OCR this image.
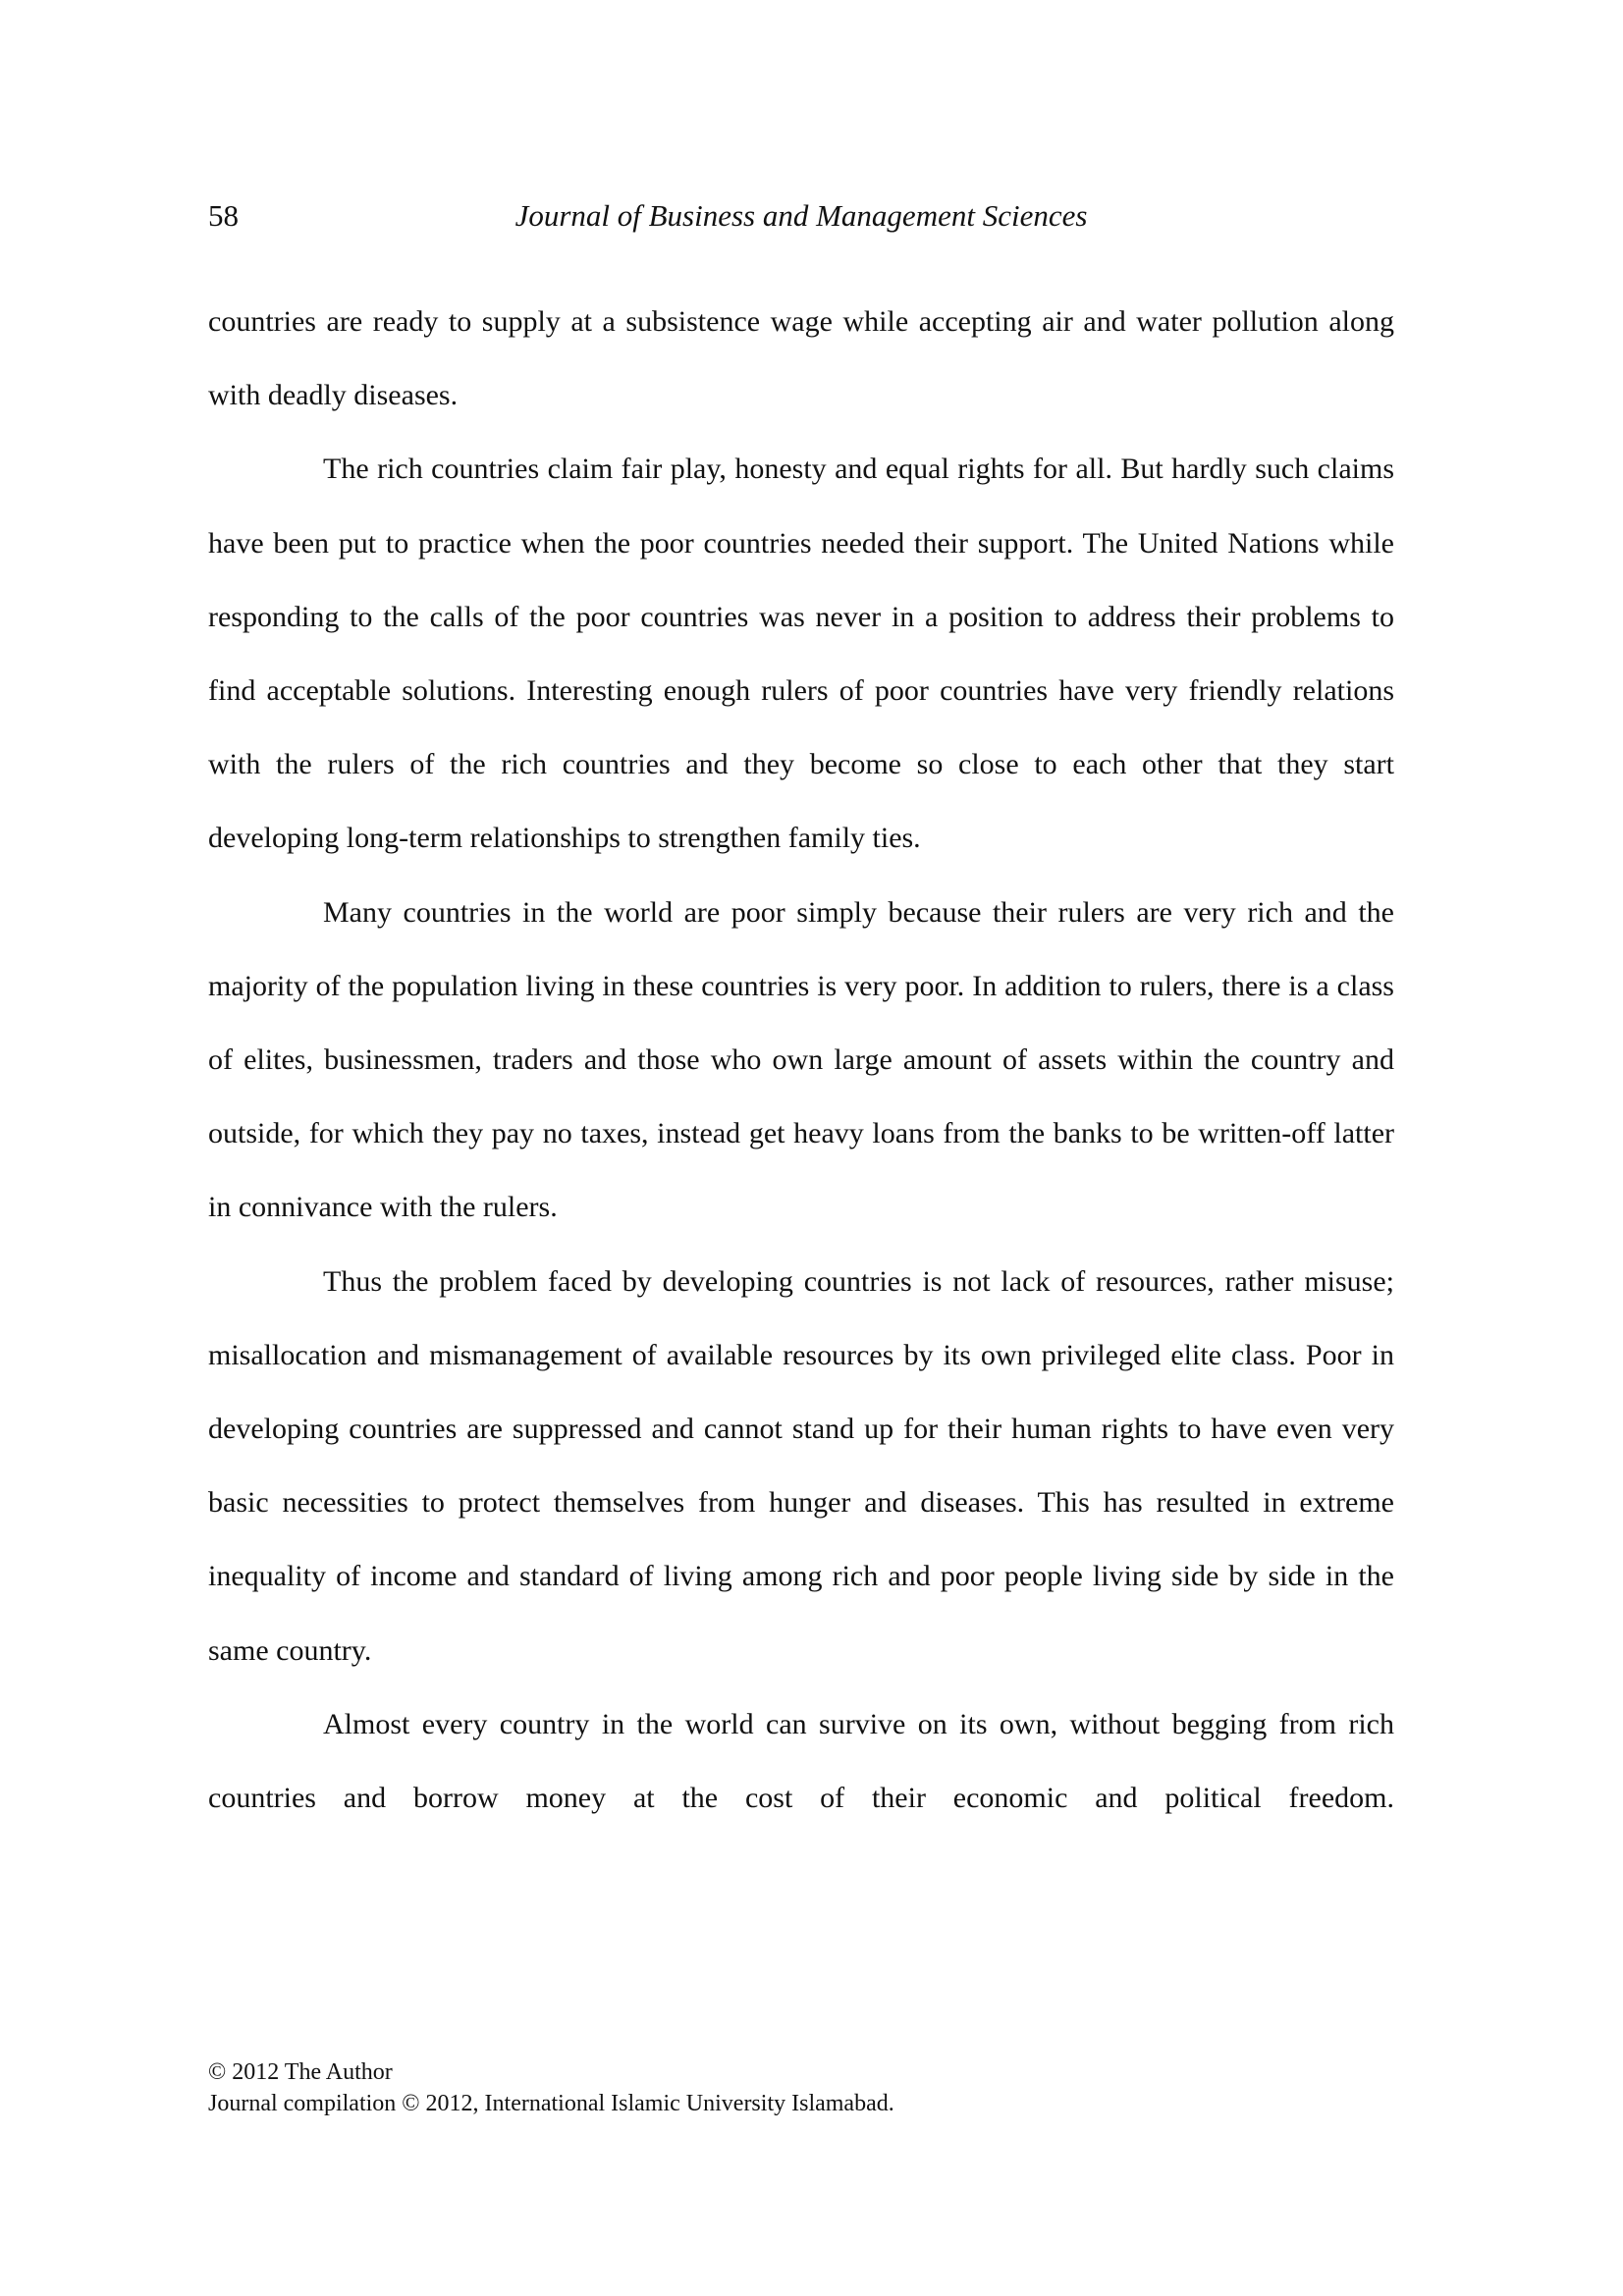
58	Journal of Business and Management Sciences

countries are ready to supply at a subsistence wage while accepting air and water pollution along with deadly diseases.

The rich countries claim fair play, honesty and equal rights for all. But hardly such claims have been put to practice when the poor countries needed their support. The United Nations while responding to the calls of the poor countries was never in a position to address their problems to find acceptable solutions. Interesting enough rulers of poor countries have very friendly relations with the rulers of the rich countries and they become so close to each other that they start developing long-term relationships to strengthen family ties.

Many countries in the world are poor simply because their rulers are very rich and the majority of the population living in these countries is very poor. In addition to rulers, there is a class of elites, businessmen, traders and those who own large amount of assets within the country and outside, for which they pay no taxes, instead get heavy loans from the banks to be written-off latter in connivance with the rulers.

Thus the problem faced by developing countries is not lack of resources, rather misuse; misallocation and mismanagement of available resources by its own privileged elite class. Poor in developing countries are suppressed and cannot stand up for their human rights to have even very basic necessities to protect themselves from hunger and diseases. This has resulted in extreme inequality of income and standard of living among rich and poor people living side by side in the same country.

Almost every country in the world can survive on its own, without begging from rich countries and borrow money at the cost of their economic and political freedom.

© 2012 The Author
Journal compilation © 2012, International Islamic University Islamabad.
